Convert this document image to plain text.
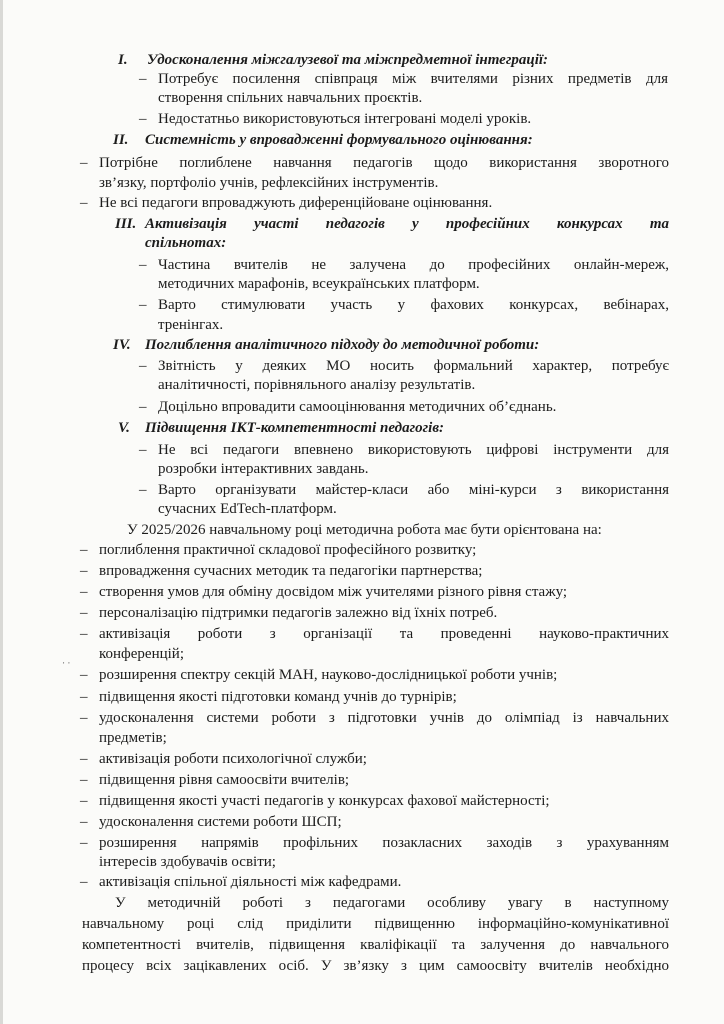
I. Удосконалення міжгалузевої та міжпредметної інтеграції:
– Потребує посилення співпраця між вчителями різних предметів для
створення спільних навчальних проєктів.
– Недостатньо використовуються інтегровані моделі уроків.
II. Системність у впровадженні формувального оцінювання:
– Потрібне поглиблене навчання педагогів щодо використання зворотного
зв’язку, портфоліо учнів, рефлексійних інструментів.
– Не всі педагоги впроваджують диференційоване оцінювання.
III. Активізація участі педагогів у професійних конкурсах та
спільнотах:
– Частина вчителів не залучена до професійних онлайн-мереж,
методичних марафонів, всеукраїнських платформ.
– Варто стимулювати участь у фахових конкурсах, вебінарах,
тренінгах.
IV. Поглиблення аналітичного підходу до методичної роботи:
– Звітність у деяких МО носить формальний характер, потребує
аналітичності, порівняльного аналізу результатів.
– Доцільно впровадити самооцінювання методичних об’єднань.
V. Підвищення ІКТ-компетентності педагогів:
– Не всі педагоги впевнено використовують цифрові інструменти для
розробки інтерактивних завдань.
– Варто організувати майстер-класи або міні-курси з використання
сучасних EdTech-платформ.
У 2025/2026 навчальному році методична робота має бути орієнтована на:
– поглиблення практичної складової професійного розвитку;
– впровадження сучасних методик та педагогіки партнерства;
– створення умов для обміну досвідом між учителями різного рівня стажу;
– персоналізацію підтримки педагогів залежно від їхніх потреб.
– активізація роботи з організації та проведенні науково-практичних
конференцій;
⋅ ⋅
– розширення спектру секцій МАН, науково-дослідницької роботи учнів;
– підвищення якості підготовки команд учнів до турнірів;
– удосконалення системи роботи з підготовки учнів до олімпіад із навчальних
предметів;
– активізація роботи психологічної служби;
– підвищення рівня самоосвіти вчителів;
– підвищення якості участі педагогів у конкурсах фахової майстерності;
– удосконалення системи роботи ШСП;
– розширення напрямів профільних позакласних заходів з урахуванням
інтересів здобувачів освіти;
– активізація спільної діяльності між кафедрами.
У методичній роботі з педагогами особливу увагу в наступному
навчальному році слід приділити підвищенню інформаційно-комунікативної
компетентності вчителів, підвищення кваліфікації та залучення до навчального
процесу всіх зацікавлених осіб. У зв’язку з цим самоосвіту вчителів необхідно
